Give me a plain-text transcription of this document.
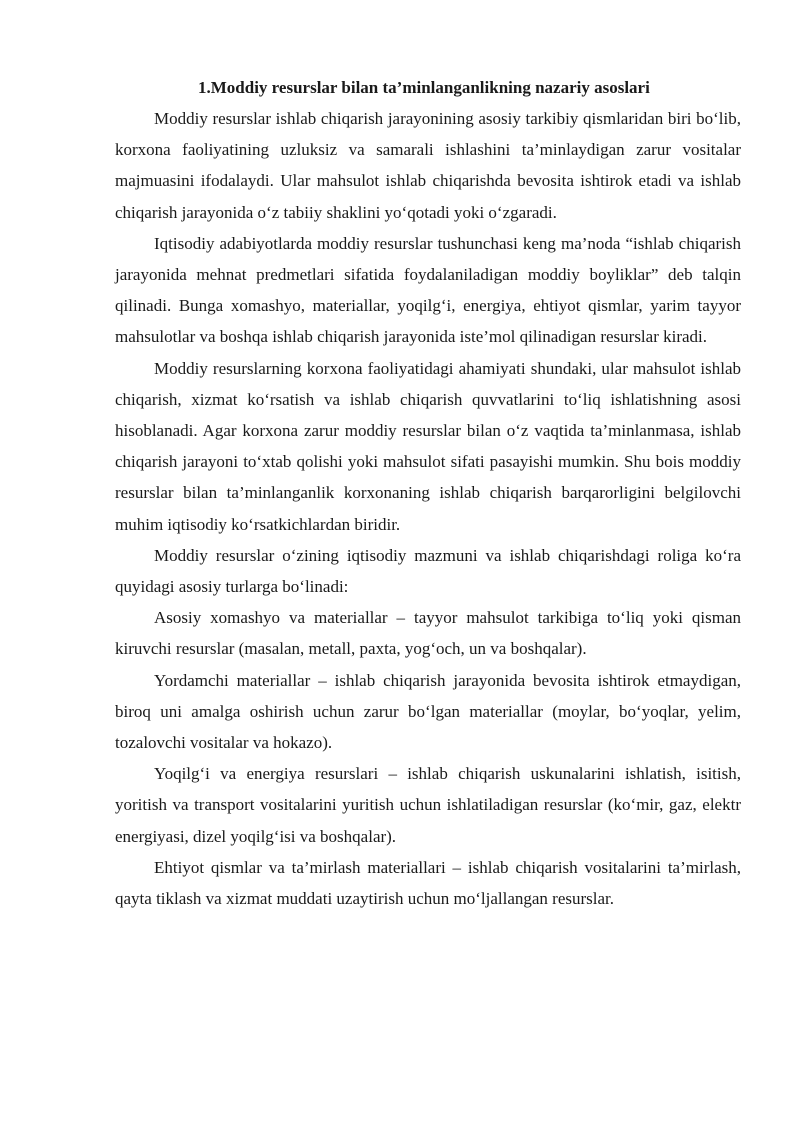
1.Moddiy resurslar bilan ta’minlanganlikning nazariy asoslari

Moddiy resurslar ishlab chiqarish jarayonining asosiy tarkibiy qismlaridan biri bo‘lib, korxona faoliyatining uzluksiz va samarali ishlashini ta’minlaydigan zarur vositalar majmuasini ifodalaydi. Ular mahsulot ishlab chiqarishda bevosita ishtirok etadi va ishlab chiqarish jarayonida o‘z tabiiy shaklini yo‘qotadi yoki o‘zgaradi.

Iqtisodiy adabiyotlarda moddiy resurslar tushunchasi keng ma’noda “ishlab chiqarish jarayonida mehnat predmetlari sifatida foydalaniladigan moddiy boyliklar” deb talqin qilinadi. Bunga xomashyo, materiallar, yoqilg‘i, energiya, ehtiyot qismlar, yarim tayyor mahsulotlar va boshqa ishlab chiqarish jarayonida iste’mol qilinadigan resurslar kiradi.

Moddiy resurslarning korxona faoliyatidagi ahamiyati shundaki, ular mahsulot ishlab chiqarish, xizmat ko‘rsatish va ishlab chiqarish quvvatlarini to‘liq ishlatishning asosi hisoblanadi. Agar korxona zarur moddiy resurslar bilan o‘z vaqtida ta’minlanmasa, ishlab chiqarish jarayoni to‘xtab qolishi yoki mahsulot sifati pasayishi mumkin. Shu bois moddiy resurslar bilan ta’minlanganlik korxonaning ishlab chiqarish barqarorligini belgilovchi muhim iqtisodiy ko‘rsatkichlardan biridir.

Moddiy resurslar o‘zining iqtisodiy mazmuni va ishlab chiqarishdagi roliga ko‘ra quyidagi asosiy turlarga bo‘linadi:

Asosiy xomashyo va materiallar – tayyor mahsulot tarkibiga to‘liq yoki qisman kiruvchi resurslar (masalan, metall, paxta, yog‘och, un va boshqalar).

Yordamchi materiallar – ishlab chiqarish jarayonida bevosita ishtirok etmaydigan, biroq uni amalga oshirish uchun zarur bo‘lgan materiallar (moylar, bo‘yoqlar, yelim, tozalovchi vositalar va hokazo).

Yoqilg‘i va energiya resurslari – ishlab chiqarish uskunalarini ishlatish, isitish, yoritish va transport vositalarini yuritish uchun ishlatiladigan resurslar (ko‘mir, gaz, elektr energiyasi, dizel yoqilg‘isi va boshqalar).

Ehtiyot qismlar va ta’mirlash materiallari – ishlab chiqarish vositalarini ta’mirlash, qayta tiklash va xizmat muddati uzaytirish uchun mo‘ljallangan resurslar.
